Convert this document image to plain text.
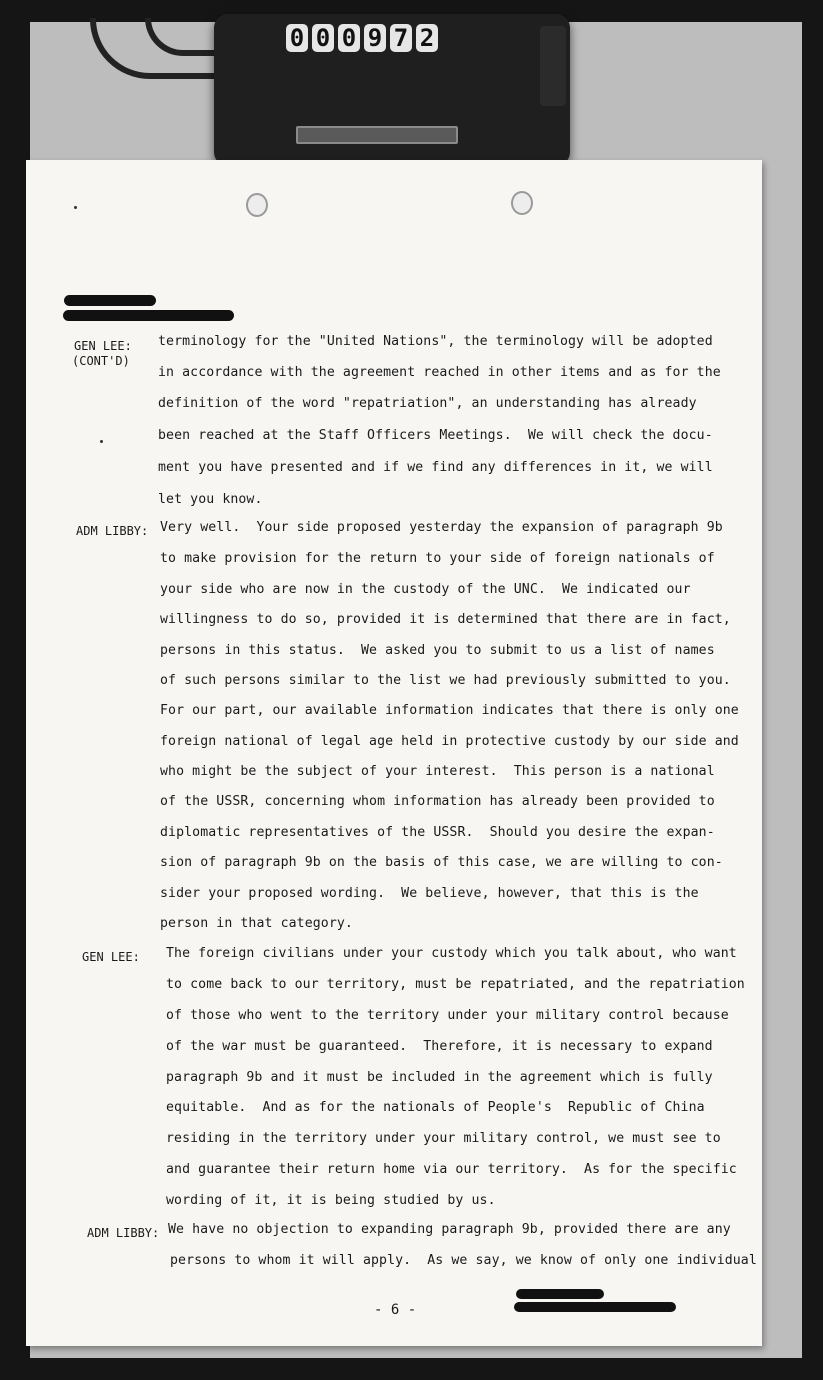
0 0 0 9 7 2
GEN LEE:
(CONT'D)
terminology for the "United Nations", the terminology will be adopted
in accordance with the agreement reached in other items and as for the
definition of the word "repatriation", an understanding has already
been reached at the Staff Officers Meetings.  We will check the docu-
ment you have presented and if we find any differences in it, we will
let you know.
ADM LIBBY: Very well.  Your side proposed yesterday the expansion of paragraph 9b
to make provision for the return to your side of foreign nationals of
your side who are now in the custody of the UNC.  We indicated our
willingness to do so, provided it is determined that there are in fact,
persons in this status.  We asked you to submit to us a list of names
of such persons similar to the list we had previously submitted to you.
For our part, our available information indicates that there is only one
foreign national of legal age held in protective custody by our side and
who might be the subject of your interest.  This person is a national
of the USSR, concerning whom information has already been provided to
diplomatic representatives of the USSR.  Should you desire the expan-
sion of paragraph 9b on the basis of this case, we are willing to con-
sider your proposed wording.  We believe, however, that this is the
person in that category.
GEN LEE: The foreign civilians under your custody which you talk about, who want
to come back to our territory, must be repatriated, and the repatriation
of those who went to the territory under your military control because
of the war must be guaranteed.  Therefore, it is necessary to expand
paragraph 9b and it must be included in the agreement which is fully
equitable.  And as for the nationals of People's  Republic of China
residing in the territory under your military control, we must see to
and guarantee their return home via our territory.  As for the specific
wording of it, it is being studied by us.
ADM LIBBY: We have no objection to expanding paragraph 9b, provided there are any
persons to whom it will apply.  As we say, we know of only one individual
- 6 -
